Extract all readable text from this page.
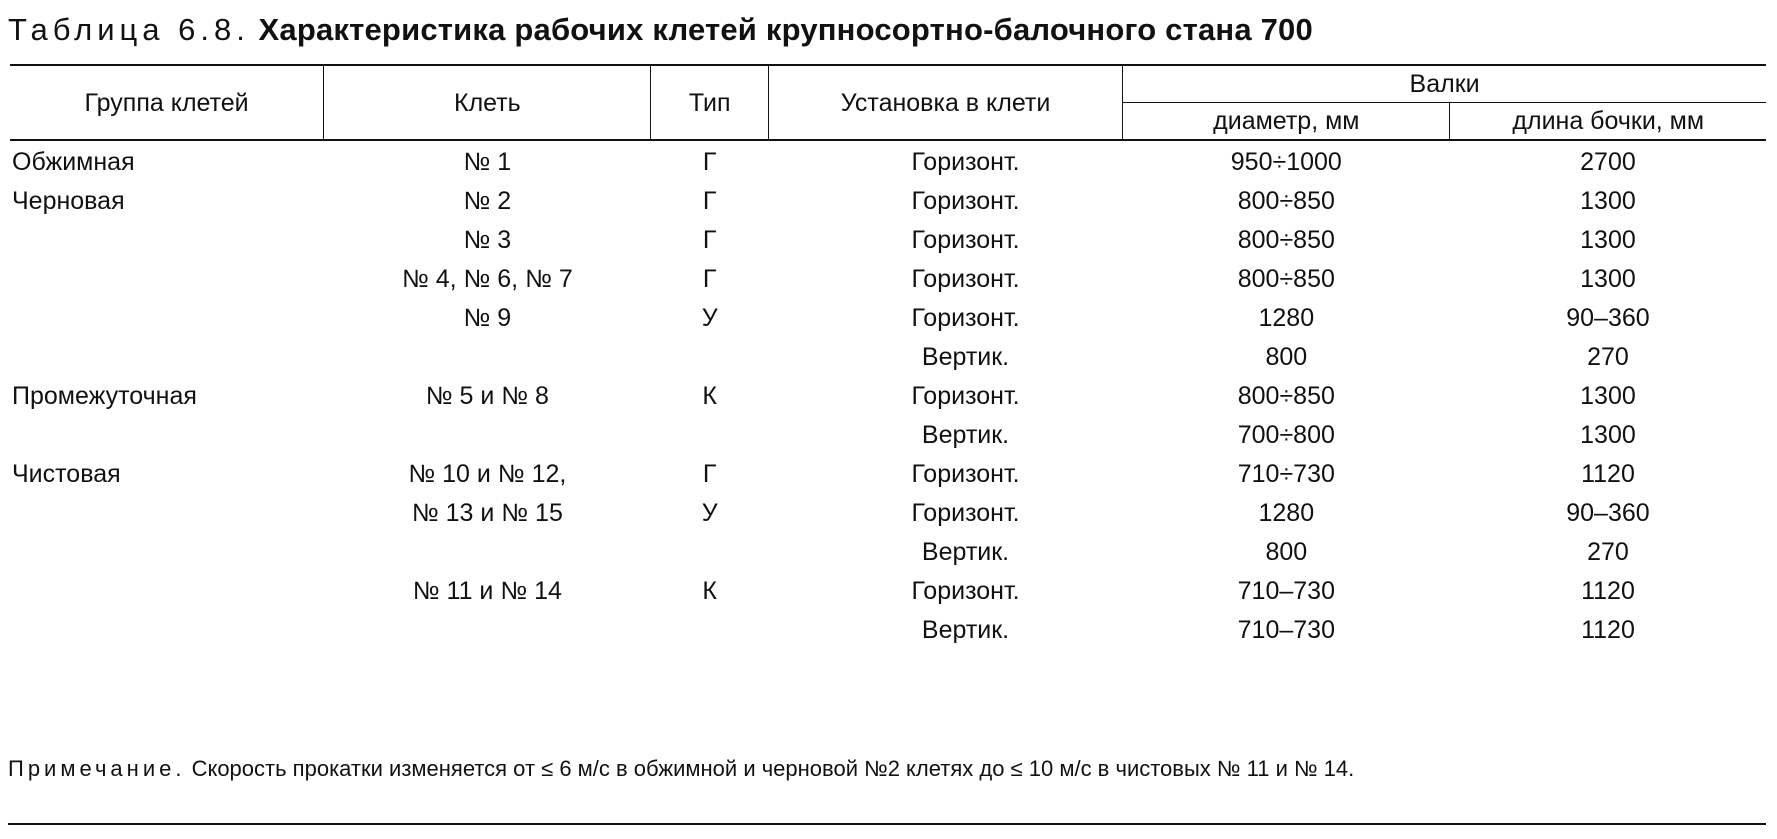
Таблица 6.8. Характеристика рабочих клетей крупносортно-балочного стана 700
Группа клетей	Клеть	Тип	Установка в клети	Валки	
				диаметр, мм	длина бочки, мм
Обжимная	№ 1	Г	Горизонт.	950÷1000	2700
Черновая	№ 2	Г	Горизонт.	800÷850	1300
	№ 3	Г	Горизонт.	800÷850	1300
	№ 4, № 6, № 7	Г	Горизонт.	800÷850	1300
	№ 9	У	Горизонт.	1280	90–360
			Вертик.	800	270
Промежуточная	№ 5 и № 8	К	Горизонт.	800÷850	1300
			Вертик.	700÷800	1300
Чистовая	№ 10 и № 12,	Г	Горизонт.	710÷730	1120
	№ 13 и № 15	У	Горизонт.	1280	90–360
			Вертик.	800	270
	№ 11 и № 14	К	Горизонт.	710–730	1120
			Вертик.	710–730	1120
Примечание. Скорость прокатки изменяется от ≤ 6 м/с в обжимной и черновой №2 клетях до ≤ 10 м/с в чистовых № 11 и № 14.
